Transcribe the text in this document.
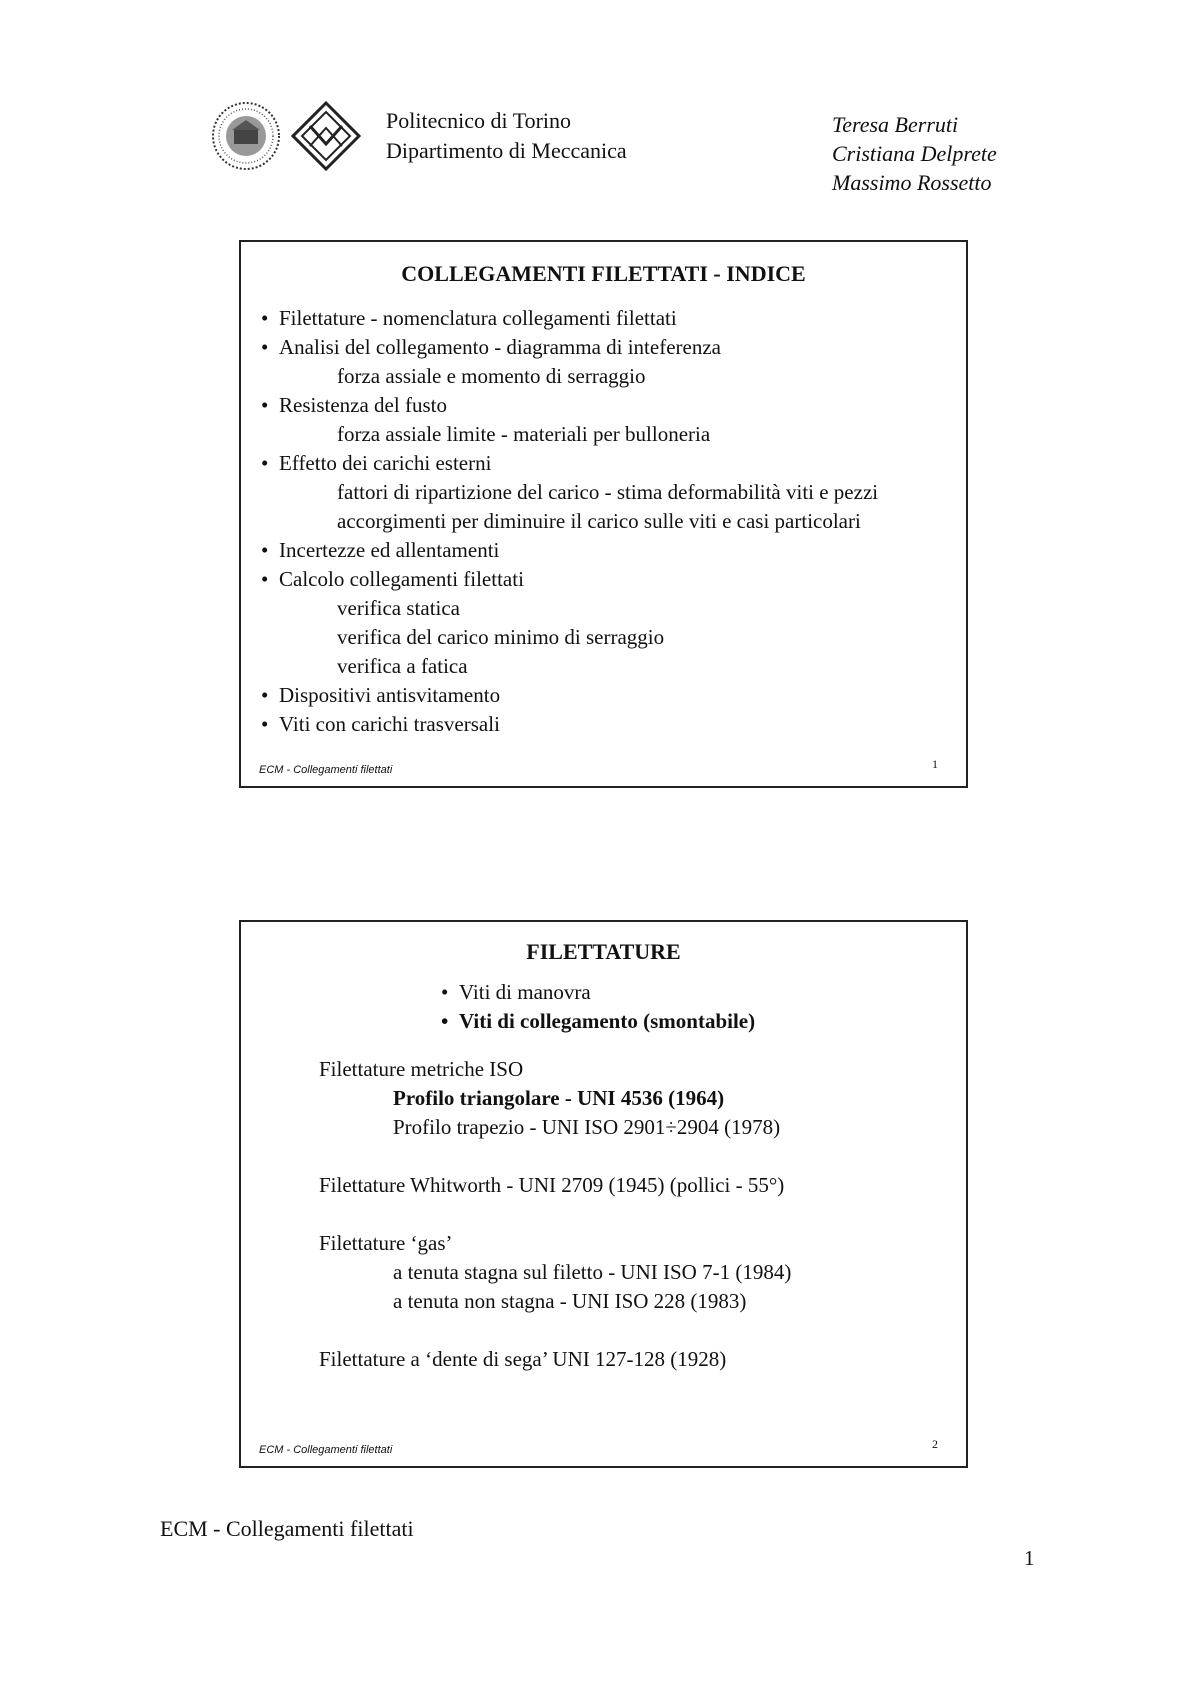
Politecnico di Torino
Dipartimento di Meccanica
Teresa Berruti
Cristiana Delprete
Massimo Rossetto
COLLEGAMENTI FILETTATI - INDICE
• Filettature - nomenclatura collegamenti filettati
• Analisi del collegamento - diagramma di inteferenza
forza assiale e momento di serraggio
• Resistenza del fusto
forza assiale limite - materiali per bulloneria
• Effetto dei carichi esterni
fattori di ripartizione del carico - stima deformabilità viti e pezzi
accorgimenti per diminuire il carico sulle viti e casi particolari
• Incertezze ed allentamenti
• Calcolo collegamenti filettati
verifica statica
verifica del carico minimo di serraggio
verifica a fatica
• Dispositivi antisvitamento
• Viti con carichi trasversali
ECM - Collegamenti filettati	1
FILETTATURE
• Viti di manovra
• Viti di collegamento (smontabile)
Filettature metriche ISO
Profilo triangolare - UNI 4536 (1964)
Profilo trapezio - UNI ISO 2901÷2904 (1978)
Filettature Whitworth - UNI 2709 (1945) (pollici - 55°)
Filettature ‘gas’
a tenuta stagna sul filetto - UNI ISO 7-1 (1984)
a tenuta non stagna - UNI ISO 228 (1983)
Filettature a ‘dente di sega’ UNI 127-128 (1928)
ECM - Collegamenti filettati	2
ECM - Collegamenti filettati
1
